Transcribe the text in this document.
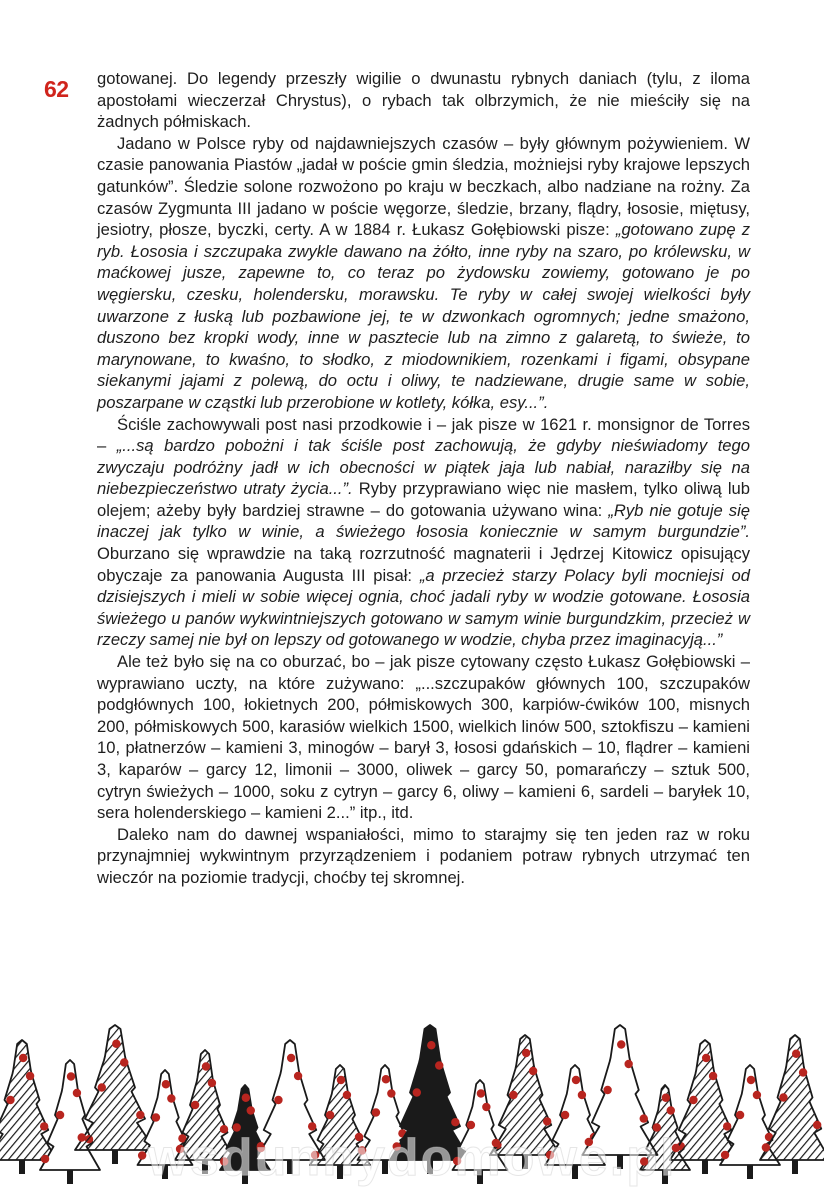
62 gotowanej. Do legendy przeszły wigilie o dwunastu rybnych daniach (tylu, z iloma apostołami wieczerzał Chrystus), o rybach tak olbrzymich, że nie mieściły się na żadnych półmiskach.

Jadano w Polsce ryby od najdawniejszych czasów – były głównym pożywieniem. W czasie panowania Piastów „jadał w poście gmin śledzia, możniejsi ryby krajowe lepszych gatunków”. Śledzie solone rozwożono po kraju w beczkach, albo nadziane na rożny. Za czasów Zygmunta III jadano w poście węgorze, śledzie, brzany, flądry, łososie, miętusy, jesiotry, płosze, byczki, certy. A w 1884 r. Łukasz Gołębiowski pisze: „gotowano zupę z ryb. Łososia i szczupaka zwykle dawano na żółto, inne ryby na szaro, po królewsku, w maćkowej jusze, zapewne to, co teraz po żydowsku zowiemy, gotowano je po węgiersku, czesku, holendersku, morawsku. Te ryby w całej swojej wielkości były uwarzone z łuską lub pozbawione jej, te w dzwonkach ogromnych; jedne smażono, duszono bez kropki wody, inne w pasztecie lub na zimno z galaretą, to świeże, to marynowane, to kwaśno, to słodko, z miodownikiem, rozenkami i figami, obsypane siekanymi jajami z polewą, do octu i oliwy, te nadziewane, drugie same w sobie, poszarpane w cząstki lub przerobione w kotlety, kółka, esy...”.

Ściśle zachowywali post nasi przodkowie i – jak pisze w 1621 r. monsignor de Torres – „...są bardzo pobożni i tak ściśle post zachowują, że gdyby nieświadomy tego zwyczaju podróżny jadł w ich obecności w piątek jaja lub nabiał, naraziłby się na niebezpieczeństwo utraty życia...”. Ryby przyprawiano więc nie masłem, tylko oliwą lub olejem; ażeby były bardziej strawne – do gotowania używano wina: „Ryb nie gotuje się inaczej jak tylko w winie, a świeżego łososia koniecznie w samym burgundzie”. Oburzano się wprawdzie na taką rozrzutność magnaterii i Jędrzej Kitowicz opisujący obyczaje za panowania Augusta III pisał: „a przecież starzy Polacy byli mocniejsi od dzisiejszych i mieli w sobie więcej ognia, choć jadali ryby w wodzie gotowane. Łososia świeżego u panów wykwintniejszych gotowano w samym winie burgundzkim, przecież w rzeczy samej nie był on lepszy od gotowanego w wodzie, chyba przez imaginacyją...”

Ale też było się na co oburzać, bo – jak pisze cytowany często Łukasz Gołębiowski – wyprawiano uczty, na które zużywano: „...szczupaków głównych 100, szczupaków podgłównych 100, łokietnych 200, półmiskowych 300, karpiów-ćwików 100, misnych 200, półmiskowych 500, karasiów wielkich 1500, wielkich linów 500, sztokfiszu – kamieni 10, płatnerzów – kamieni 3, minogów – barył 3, łososi gdańskich – 10, flądrer – kamieni 3, kaparów – garcy 12, limonii – 3000, oliwek – garcy 50, pomarańczy – sztuk 500, cytryn świeżych – 1000, soku z cytryn – garcy 6, oliwy – kamieni 6, sardeli – baryłek 10, sera holenderskiego – kamieni 2...” itp., itd.

Daleko nam do dawnej wspaniałości, mimo to starajmy się ten jeden raz w roku przynajmniej wykwintnym przyrządzeniem i podaniem potraw rybnych utrzymać ten wieczór na poziomie tradycji, choćby tej skromnej.

wsdunnydomowe.pl
